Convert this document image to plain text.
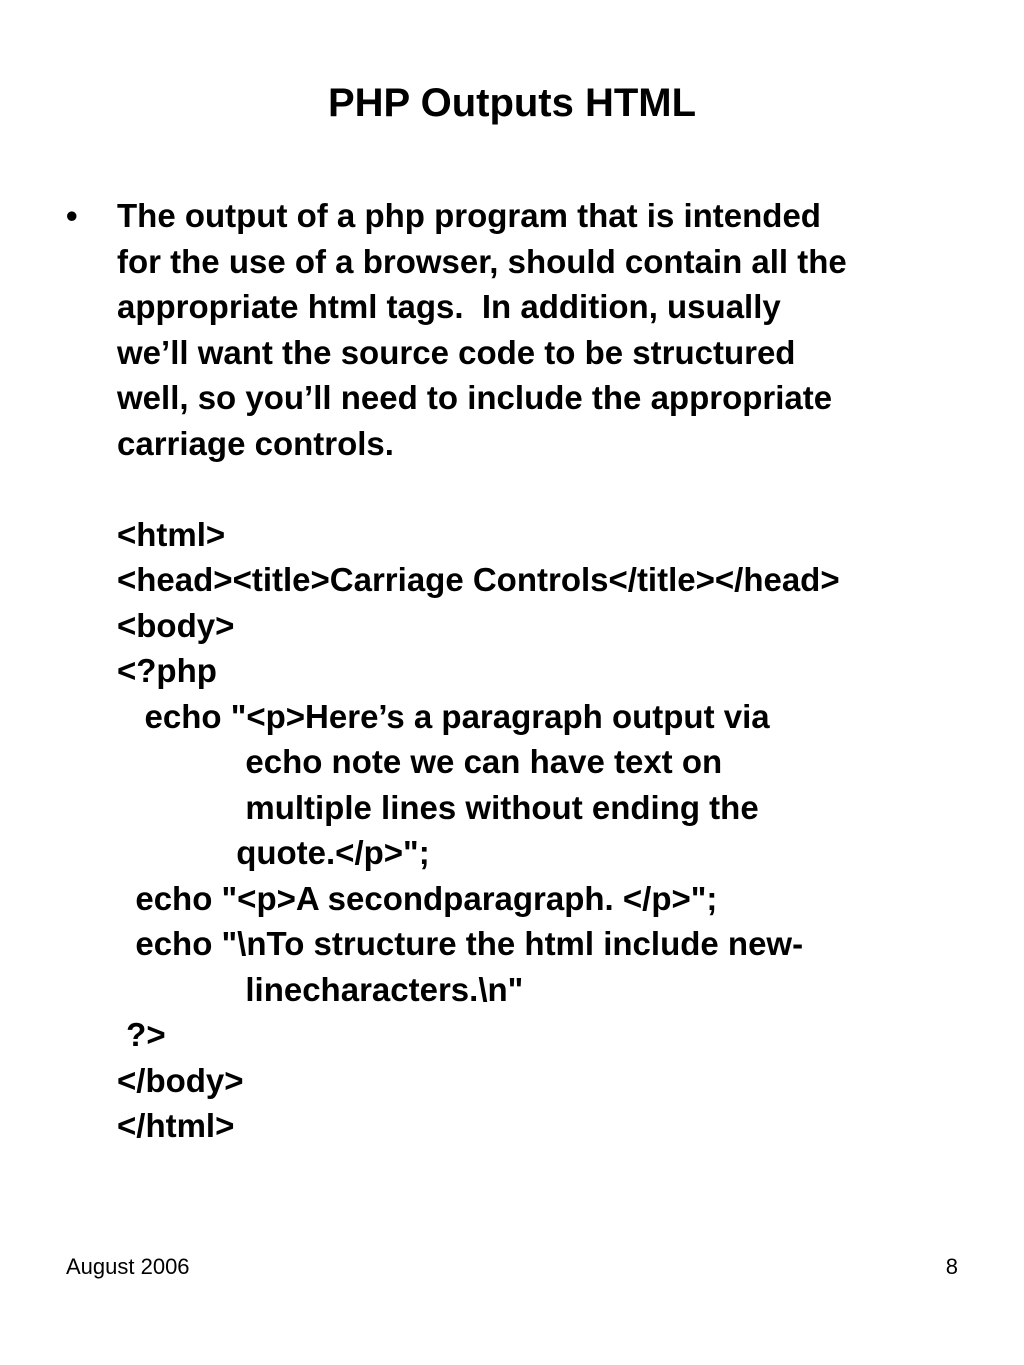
PHP Outputs HTML
• The output of a php program that is intended
for the use of a browser, should contain all the
appropriate html tags.  In addition, usually
we’ll want the source code to be structured
well, so you’ll need to include the appropriate
carriage controls.
<html>
<head><title>Carriage Controls</title></head>
<body>
<?php
echo "<p>Here’s a paragraph output via
echo note we can have text on
multiple lines without ending the
quote.</p>";
echo "<p>A secondparagraph. </p>";
echo "\nTo structure the html include new-
linecharacters.\n"
?>
</body>
</html>
August 2006	8
